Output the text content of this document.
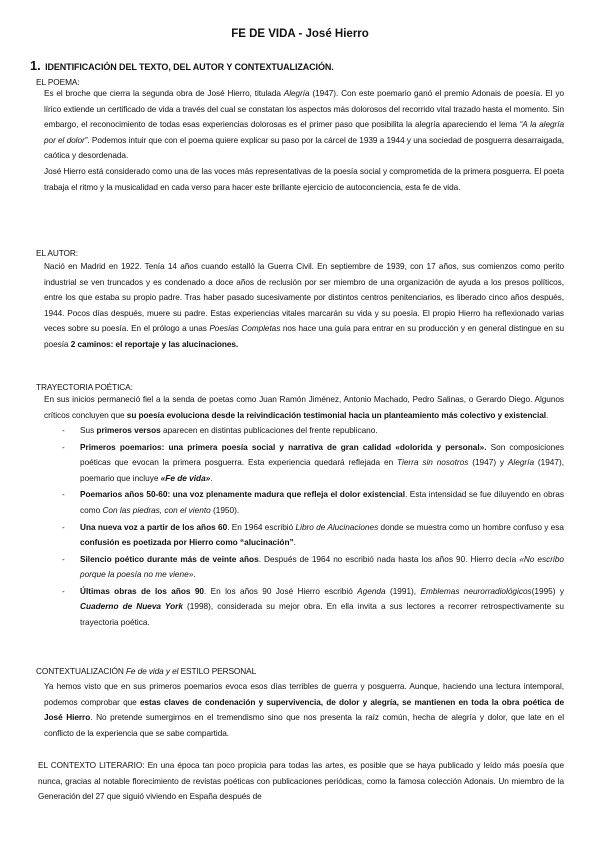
FE DE VIDA - José Hierro
1. IDENTIFICACIÓN DEL TEXTO, DEL AUTOR Y CONTEXTUALIZACIÓN.
EL POEMA:
Es el broche que cierra la segunda obra de José Hierro, titulada Alegría (1947). Con este poemario ganó el premio Adonais de poesía. El yo lírico extiende un certificado de vida a través del cual se constatan los aspectos más dolorosos del recorrido vital trazado hasta el momento. Sin embargo, el reconocimiento de todas esas experiencias dolorosas es el primer paso que posibilita la alegría apareciendo el lema “A la alegría por el dolor”. Podemos intuir que con el poema quiere explicar su paso por la cárcel de 1939 a 1944 y una sociedad de posguerra desarraigada, caótica y desordenada.
José Hierro está considerado como una de las voces más representativas de la poesía social y comprometida de la primera posguerra. El poeta trabaja el ritmo y la musicalidad en cada verso para hacer este brillante ejercicio de autoconciencia, esta fe de vida.
EL AUTOR:
Nació en Madrid en 1922. Tenía 14 años cuando estalló la Guerra Civil. En septiembre de 1939, con 17 años, sus comienzos como perito industrial se ven truncados y es condenado a doce años de reclusión por ser miembro de una organización de ayuda a los presos políticos, entre los que estaba su propio padre. Tras haber pasado sucesivamente por distintos centros penitenciarios, es liberado cinco años después, 1944. Pocos días después, muere su padre. Estas experiencias vitales marcarán su vida y su poesía. El propio Hierro ha reflexionado varias veces sobre su poesía. En el prólogo a unas Poesías Completas nos hace una guía para entrar en su producción y en general distingue en su poesía 2 caminos: el reportaje y las alucinaciones.
TRAYECTORIA POÉTICA:
En sus inicios permaneció fiel a la senda de poetas como Juan Ramón Jiménez, Antonio Machado, Pedro Salinas, o Gerardo Diego. Algunos críticos concluyen que su poesía evoluciona desde la reivindicación testimonial hacia un planteamiento más colectivo y existencial.
- Sus primeros versos aparecen en distintas publicaciones del frente republicano.
- Primeros poemarios: una primera poesía social y narrativa de gran calidad «dolorida y personal». Son composiciones poéticas que evocan la primera posguerra. Esta experiencia quedará reflejada en Tierra sin nosotros (1947) y Alegría (1947), poemario que incluye «Fe de vida».
- Poemarios años 50-60: una voz plenamente madura que refleja el dolor existencial. Esta intensidad se fue diluyendo en obras como Con las piedras, con el viento (1950).
- Una nueva voz a partir de los años 60. En 1964 escribió Libro de Alucinaciones donde se muestra como un hombre confuso y esa confusión es poetizada por Hierro como “alucinación”.
- Silencio poético durante más de veinte años. Después de 1964 no escribió nada hasta los años 90. Hierro decía «No escribo porque la poesía no me viene».
- Últimas obras de los años 90. En los años 90 José Hierro escribió Agenda (1991), Emblemas neurorradiológicos(1995) y Cuaderno de Nueva York (1998), considerada su mejor obra. En ella invita a sus lectores a recorrer retrospectivamente su trayectoria poética.
CONTEXTUALIZACIÓN Fe de vida y el ESTILO PERSONAL
Ya hemos visto que en sus primeros poemarios evoca esos días terribles de guerra y posguerra. Aunque, haciendo una lectura intemporal, podemos comprobar que estas claves de condenación y supervivencia, de dolor y alegría, se mantienen en toda la obra poética de José Hierro. No pretende sumergirnos en el tremendismo sino que nos presenta la raíz común, hecha de alegría y dolor, que late en el conflicto de la experiencia que se sabe compartida.
EL CONTEXTO LITERARIO: En una época tan poco propicia para todas las artes, es posible que se haya publicado y leído más poesía que nunca, gracias al notable florecimiento de revistas poéticas con publicaciones periódicas, como la famosa colección Adonais. Un miembro de la Generación del 27 que siguió viviendo en España después de
